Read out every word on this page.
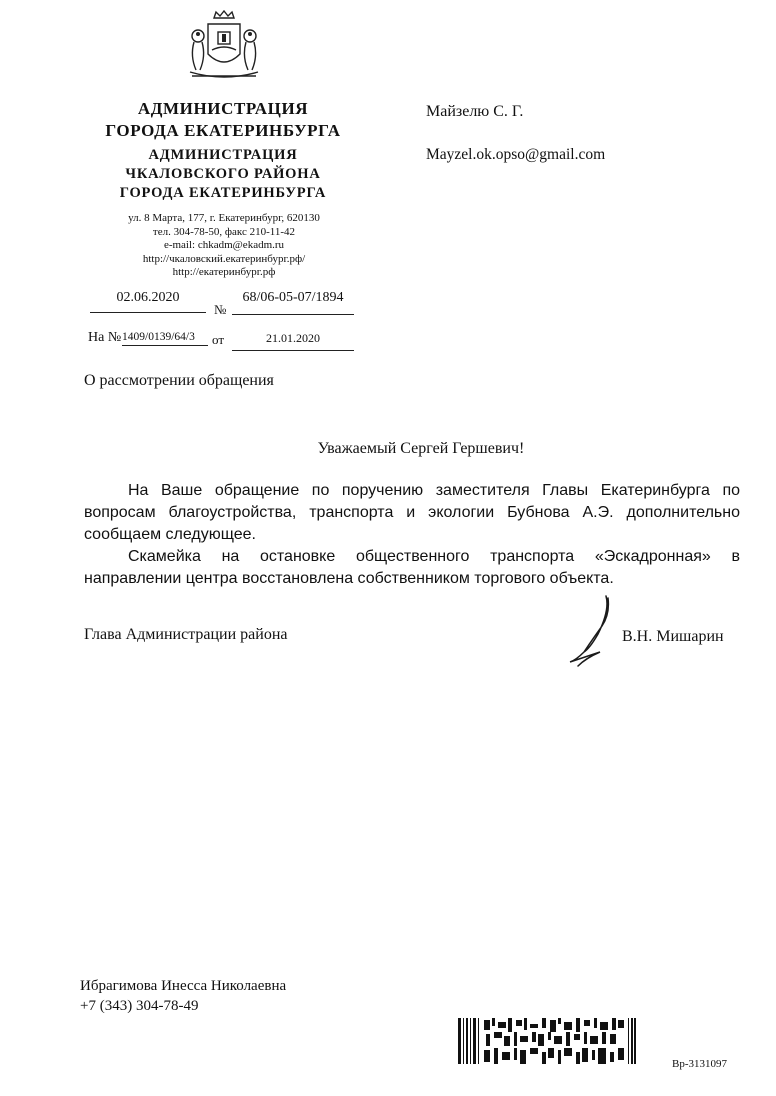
АДМИНИСТРАЦИЯ
ГОРОДА ЕКАТЕРИНБУРГА
АДМИНИСТРАЦИЯ
ЧКАЛОВСКОГО РАЙОНА
ГОРОДА ЕКАТЕРИНБУРГА
ул. 8 Марта, 177, г. Екатеринбург, 620130
тел. 304-78-50, факс 210-11-42
e-mail: chkadm@ekadm.ru
http://чкаловский.екатеринбург.рф/
http://екатеринбург.рф
02.06.2020
№
68/06-05-07/1894
На № 1409/0139/64/3	от	21.01.2020
Майзелю С. Г.
Mayzel.ok.opso@gmail.com
О рассмотрении обращения
Уважаемый Сергей Гершевич!
На Ваше обращение по поручению заместителя Главы Екатеринбурга по вопросам благоустройства, транспорта и экологии Бубнова А.Э. дополнительно сообщаем следующее.
Скамейка на остановке общественного транспорта «Эскадронная» в направлении центра восстановлена собственником торгового объекта.
Глава Администрации района	В.Н. Мишарин
Ибрагимова Инесса Николаевна
+7 (343) 304-78-49
Вр-3131097
